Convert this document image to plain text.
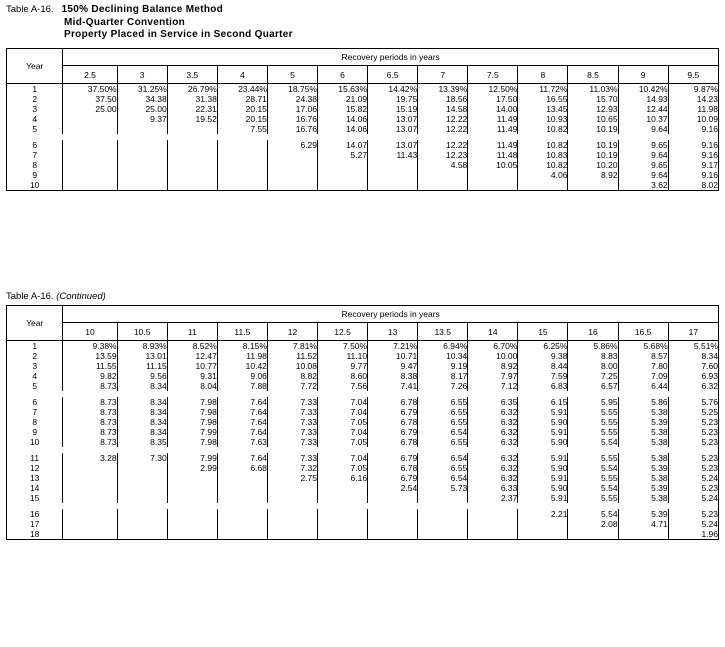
Table A-16. 150% Declining Balance Method
Mid-Quarter Convention
Property Placed in Service in Second Quarter
Year	Recovery periods in years												
	2.5	3	3.5	4	5	6	6.5	7	7.5	8	8.5	9	9.5
1	37.50%	31.25%	26.79%	23.44%	18.75%	15.63%	14.42%	13.39%	12.50%	11.72%	11.03%	10.42%	9.87%
2	37.50	34.38	31.38	28.71	24.38	21.09	19.75	18.56	17.50	16.55	15.70	14.93	14.23
3	25.00	25.00	22.31	20.15	17.06	15.82	15.19	14.58	14.00	13.45	12.93	12.44	11.98
4		9.37	19.52	20.15	16.76	14.06	13.07	12.22	11.49	10.93	10.65	10.37	10.09
5				7.55	16.76	14.06	13.07	12.22	11.49	10.82	10.19	9.64	9.16

6					6.29	14.07	13.07	12.22	11.49	10.82	10.19	9.65	9.16
7						5.27	11.43	12.23	11.48	10.83	10.19	9.64	9.16
8								4.58	10.05	10.82	10.20	9.65	9.17
9										4.06	8.92	9.64	9.16
10												3.62	8.02
Table A-16. (Continued)
Year	Recovery periods in years												
	10	10.5	11	11.5	12	12.5	13	13.5	14	15	16	16.5	17
1	9.38%	8.93%	8.52%	8.15%	7.81%	7.50%	7.21%	6.94%	6.70%	6.25%	5.86%	5.68%	5.51%
2	13.59	13.01	12.47	11.98	11.52	11.10	10.71	10.34	10.00	9.38	8.83	8.57	8.34
3	11.55	11.15	10.77	10.42	10.08	9.77	9.47	9.19	8.92	8.44	8.00	7.80	7.60
4	9.82	9.56	9.31	9.06	8.82	8.60	8.38	8.17	7.97	7.59	7.25	7.09	6.93
5	8.73	8.34	8.04	7.88	7.72	7.56	7.41	7.26	7.12	6.83	6.57	6.44	6.32

6	8.73	8.34	7.98	7.64	7.33	7.04	6.78	6.55	6.35	6.15	5.95	5.86	5.76
7	8.73	8.34	7.98	7.64	7.33	7.04	6.79	6.55	6.32	5.91	5.55	5.38	5.25
8	8.73	8.34	7.98	7.64	7.33	7.05	6.78	6.55	6.32	5.90	5.55	5.39	5.23
9	8.73	8.34	7.99	7.64	7.33	7.04	6.79	6.54	6.32	5.91	5.55	5.38	5.23
10	8.73	8.35	7.98	7.63	7.33	7.05	6.78	6.55	6.32	5.90	5.54	5.38	5.23

11	3.28	7.30	7.99	7.64	7.33	7.04	6.79	6.54	6.32	5.91	5.55	5.38	5.23
12			2.99	6.68	7.32	7.05	6.78	6.55	6.32	5.90	5.54	5.39	5.23
13					2.75	6.16	6.79	6.54	6.32	5.91	5.55	5.38	5.24
14							2.54	5.73	6.33	5.90	5.54	5.39	5.23
15									2.37	5.91	5.55	5.38	5.24

16										2.21	5.54	5.39	5.23
17											2.08	4.71	5.24
18													1.96
